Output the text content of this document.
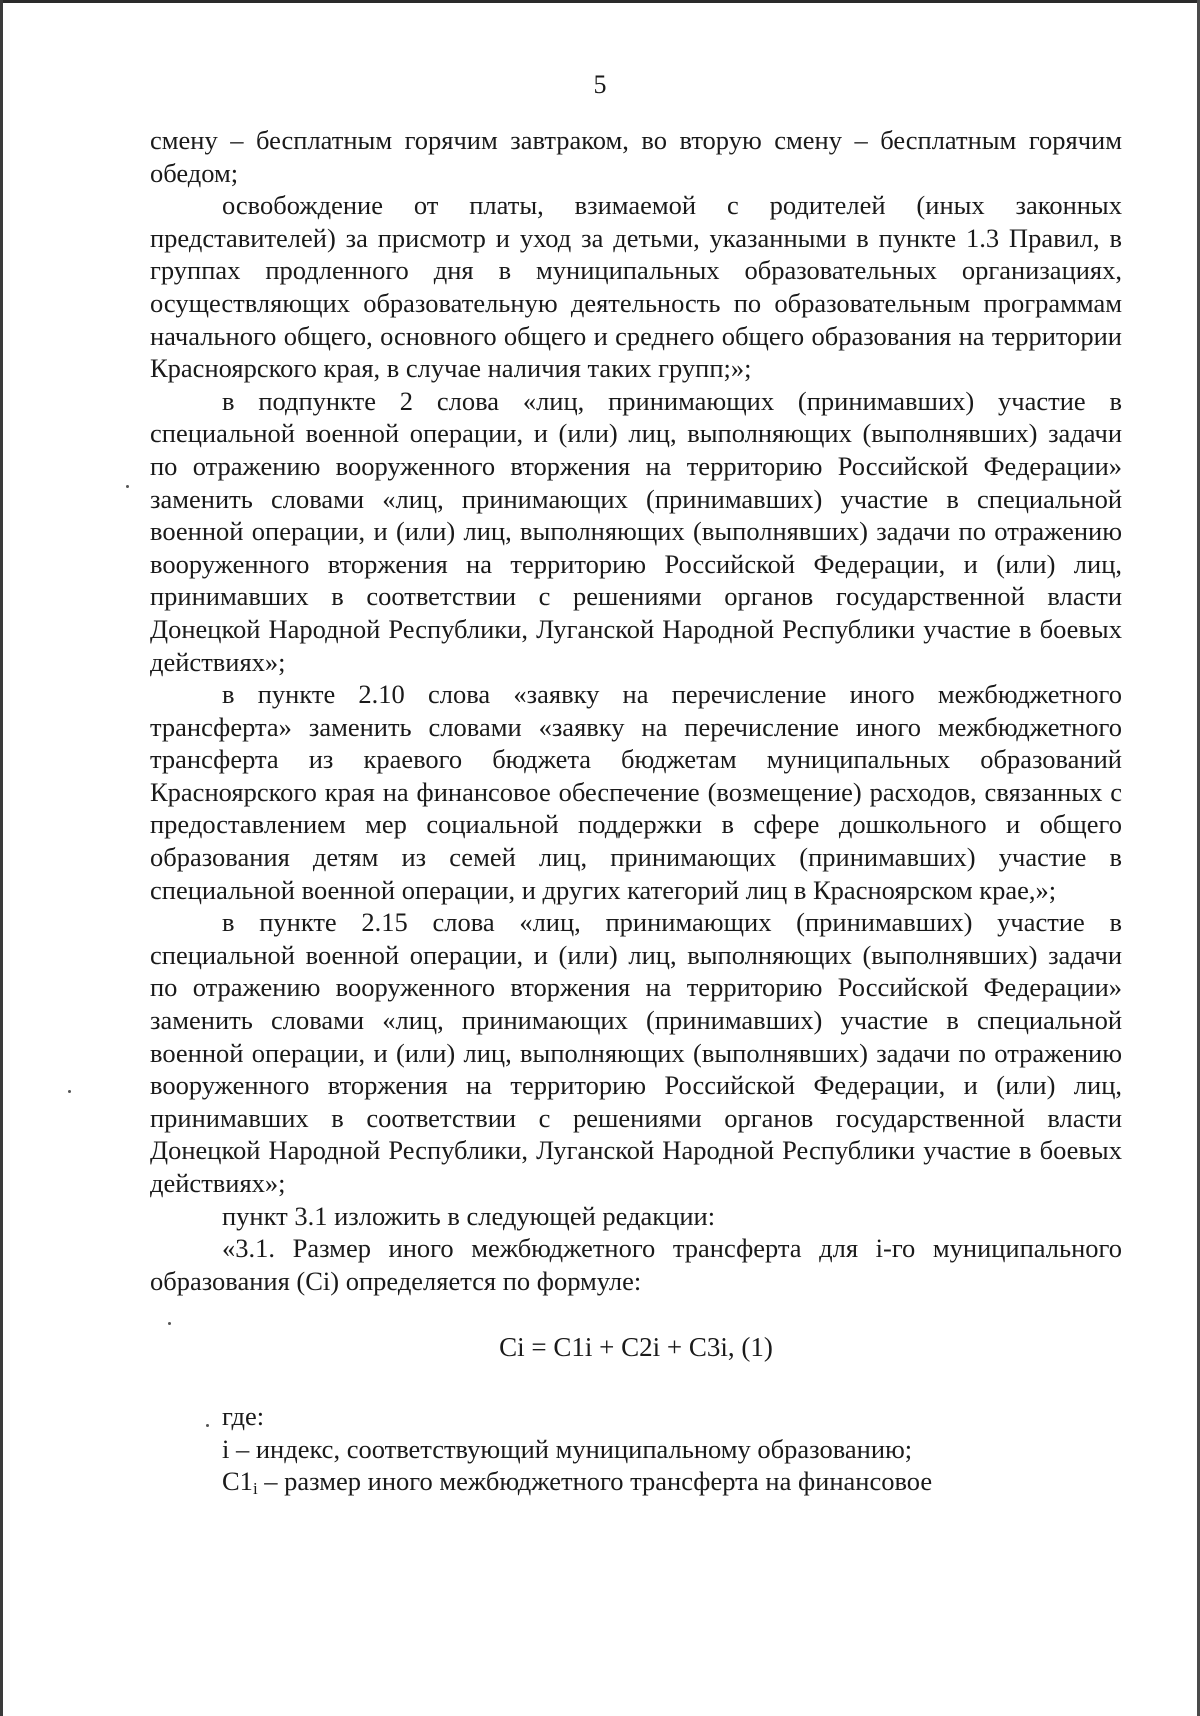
5

смену – бесплатным горячим завтраком, во вторую смену – бесплатным горячим обедом;

освобождение от платы, взимаемой с родителей (иных законных представителей) за присмотр и уход за детьми, указанными в пункте 1.3 Правил, в группах продленного дня в муниципальных образовательных организациях, осуществляющих образовательную деятельность по образовательным программам начального общего, основного общего и среднего общего образования на территории Красноярского края, в случае наличия таких групп;»;

в подпункте 2 слова «лиц, принимающих (принимавших) участие в специальной военной операции, и (или) лиц, выполняющих (выполнявших) задачи по отражению вооруженного вторжения на территорию Российской Федерации» заменить словами «лиц, принимающих (принимавших) участие в специальной военной операции, и (или) лиц, выполняющих (выполнявших) задачи по отражению вооруженного вторжения на территорию Российской Федерации, и (или) лиц, принимавших в соответствии с решениями органов государственной власти Донецкой Народной Республики, Луганской Народной Республики участие в боевых действиях»;

в пункте 2.10 слова «заявку на перечисление иного межбюджетного трансферта» заменить словами «заявку на перечисление иного межбюджетного трансферта из краевого бюджета бюджетам муниципальных образований Красноярского края на финансовое обеспечение (возмещение) расходов, связанных с предоставлением мер социальной поддержки в сфере дошкольного и общего образования детям из семей лиц, принимающих (принимавших) участие в специальной военной операции, и других категорий лиц в Красноярском крае,»;

в пункте 2.15 слова «лиц, принимающих (принимавших) участие в специальной военной операции, и (или) лиц, выполняющих (выполнявших) задачи по отражению вооруженного вторжения на территорию Российской Федерации» заменить словами «лиц, принимающих (принимавших) участие в специальной военной операции, и (или) лиц, выполняющих (выполнявших) задачи по отражению вооруженного вторжения на территорию Российской Федерации, и (или) лиц, принимавших в соответствии с решениями органов государственной власти Донецкой Народной Республики, Луганской Народной Республики участие в боевых действиях»;

пункт 3.1 изложить в следующей редакции:

«3.1. Размер иного межбюджетного трансферта для i-го муниципального образования (Ci) определяется по формуле:

Ci = C1i + C2i + C3i, (1)

где:

i – индекс, соответствующий муниципальному образованию;

$C1_i$ – размер иного межбюджетного трансферта на финансовое
